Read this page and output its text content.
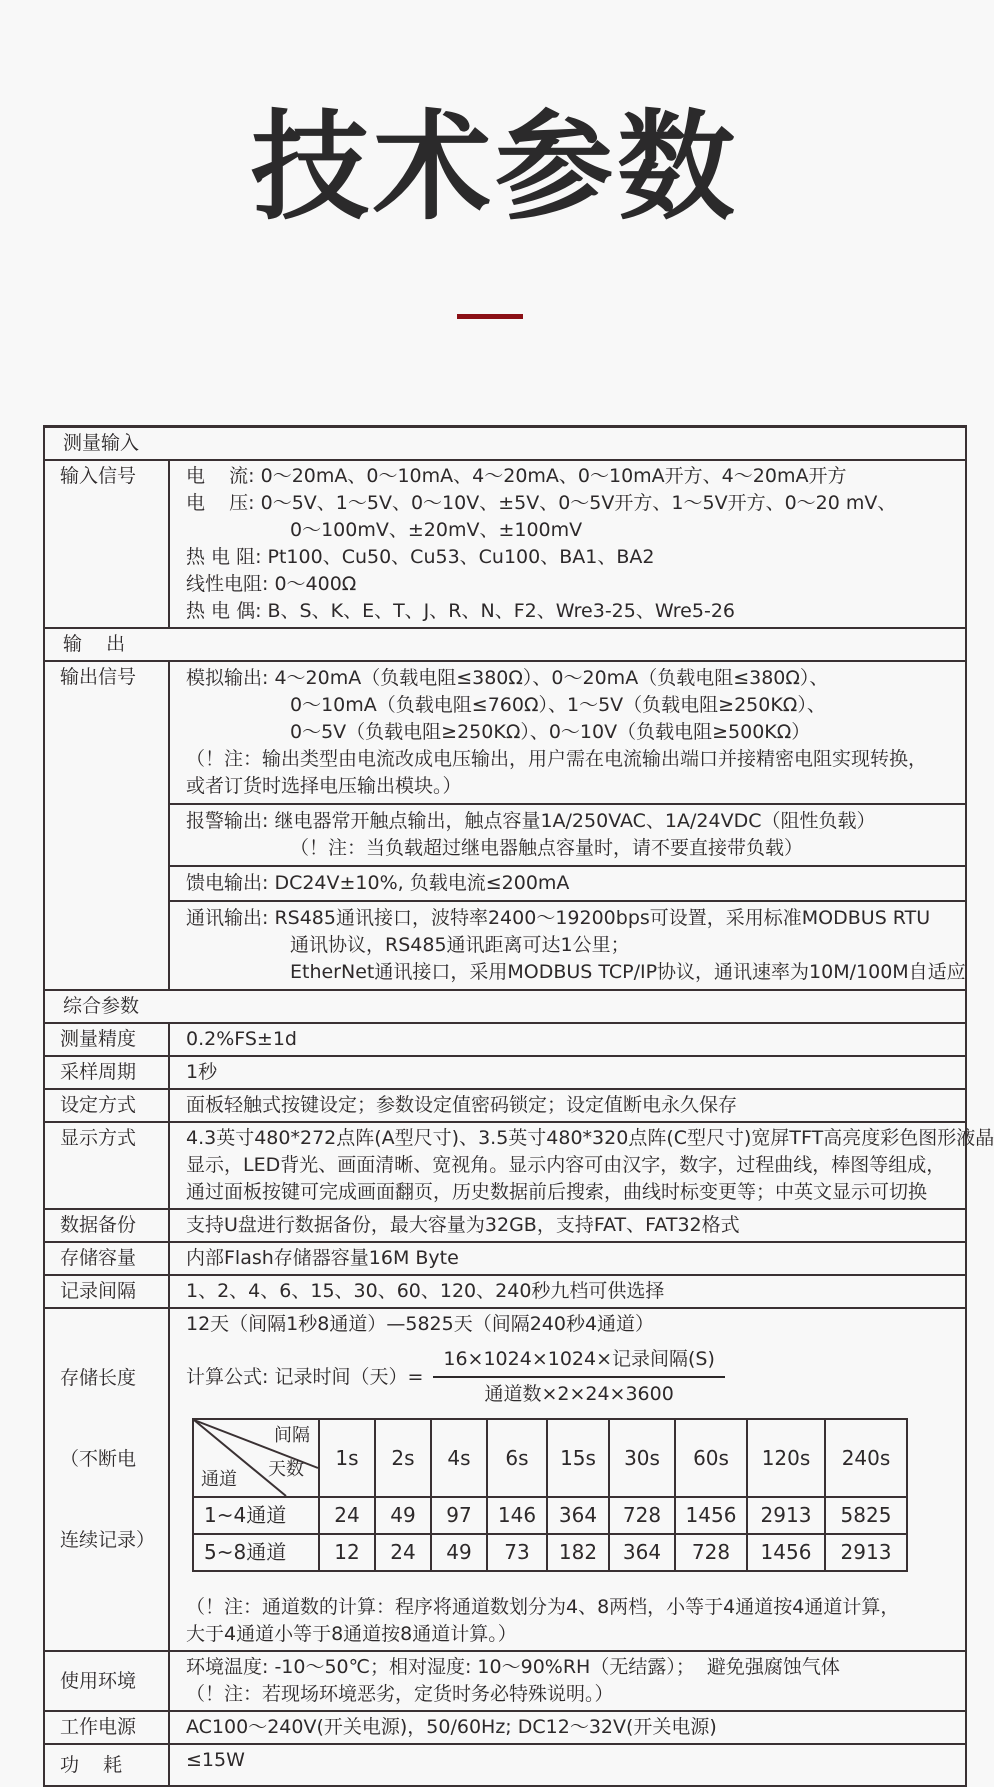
技术参数
测量输入
输入信号	电    流: 0～20mA、0～10mA、4～20mA、0～10mA开方、4～20mA开方
电    压: 0～5V、1～5V、0～10V、±5V、0～5V开方、1～5V开方、0～20 mV、
0～100mV、±20mV、±100mV
热 电 阻: Pt100、Cu50、Cu53、Cu100、BA1、BA2
线性电阻: 0～400Ω
热 电 偶: B、S、K、E、T、J、R、N、F2、Wre3-25、Wre5-26
输    出
输出信号	模拟输出: 4～20mA（负载电阻≤380Ω）、0～20mA（负载电阻≤380Ω）、
0～10mA（负载电阻≤760Ω）、1～5V（负载电阻≥250KΩ）、
0～5V（负载电阻≥250KΩ）、0～10V（负载电阻≥500KΩ）
（！注：输出类型由电流改成电压输出，用户需在电流输出端口并接精密电阻实现转换，
或者订货时选择电压输出模块。）
报警输出: 继电器常开触点输出，触点容量1A/250VAC、1A/24VDC（阻性负载）
（！注：当负载超过继电器触点容量时，请不要直接带负载）
馈电输出: DC24V±10%, 负载电流≤200mA
通讯输出: RS485通讯接口，波特率2400～19200bps可设置，采用标准MODBUS RTU
通讯协议，RS485通讯距离可达1公里；
EtherNet通讯接口，采用MODBUS TCP/IP协议，通讯速率为10M/100M自适应
综合参数
测量精度	0.2%FS±1d
采样周期	1秒
设定方式	面板轻触式按键设定；参数设定值密码锁定；设定值断电永久保存
显示方式	4.3英寸480*272点阵(A型尺寸)、3.5英寸480*320点阵(C型尺寸)宽屏TFT高亮度彩色图形液晶
显示，LED背光、画面清晰、宽视角。显示内容可由汉字，数字，过程曲线，棒图等组成，
通过面板按键可完成画面翻页，历史数据前后搜索，曲线时标变更等；中英文显示可切换
数据备份	支持U盘进行数据备份，最大容量为32GB，支持FAT、FAT32格式
存储容量	内部Flash存储器容量16M Byte
记录间隔	1、2、4、6、15、30、60、120、240秒九档可供选择

存储长度

（不断电

连续记录）

12天（间隔1秒8通道）—5825天（间隔240秒4通道）
计算公式: 记录时间（天）= $\frac{\text{16×1024×1024×记录间隔(S)}}{\text{通道数×2×24×3600}}$
间隔
天数
通道	1s	2s	4s	6s	15s	30s	60s	120s	240s
1~4通道	24	49	97	146	364	728	1456	2913	5825
5~8通道	12	24	49	73	182	364	728	1456	2913
（！注：通道数的计算：程序将通道数划分为4、8两档，小等于4通道按4通道计算，
大于4通道小等于8通道按8通道计算。）
使用环境
环境温度: -10～50℃；相对湿度: 10～90%RH（无结露）；  避免强腐蚀气体
（！注：若现场环境恶劣，定货时务必特殊说明。）
工作电源	AC100～240V(开关电源)，50/60Hz; DC12～32V(开关电源)
功    耗	≤15W
